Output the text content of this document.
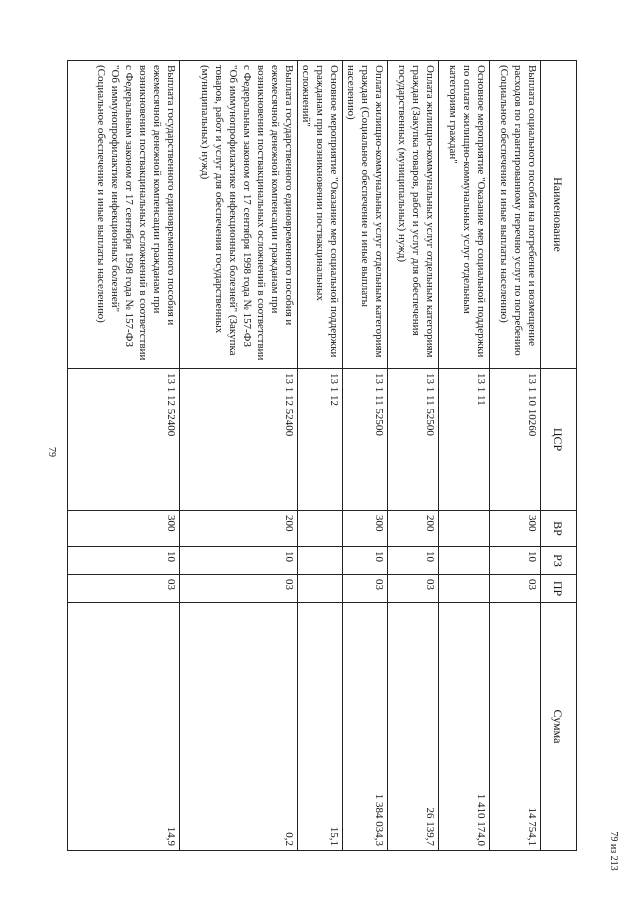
79
Наименование	ЦСР	ВР	РЗ	ПР	Сумма
Выплата социального пособия на погребение и возмещение расходов по гарантированному перечню услуг по погребению (Социальное обеспечение и иные выплаты населению)	13 1 10 10260	300	10	03	14 754,1
Основное мероприятие "Оказание мер социальной поддержки по оплате жилищно-коммунальных услуг отдельным категориям граждан"	13 1 11				1 410 174,0
Оплата жилищно-коммунальных услуг отдельным категориям граждан (Закупка товаров, работ и услуг для обеспечения государственных (муниципальных) нужд)	13 1 11 52500	200	10	03	26 139,7
Оплата жилищно-коммунальных услуг отдельным категориям граждан (Социальное обеспечение и иные выплаты населению)	13 1 11 52500	300	10	03	1 384 034,3
Основное мероприятие "Оказание мер социальной поддержки гражданам при возникновении поствакцинальных осложнений"	13 1 12				15,1
Выплата государственного единовременного пособия и ежемесячной денежной компенсации гражданам при возникновении поствакцинальных осложнений в соответствии с Федеральным законом от 17 сентября 1998 года № 157-ФЗ "Об иммунопрофилактике инфекционных болезней" (Закупка товаров, работ и услуг для обеспечения государственных (муниципальных) нужд)	13 1 12 52400	200	10	03	0,2
Выплата государственного единовременного пособия и ежемесячной денежной компенсации гражданам при возникновении поствакцинальных осложнений в соответствии с Федеральным законом от 17 сентября 1998 года № 157-ФЗ "Об иммунопрофилактике инфекционных болезней" (Социальное обеспечение и иные выплаты населению)	13 1 12 52400	300	10	03	14,9	79 из 213
